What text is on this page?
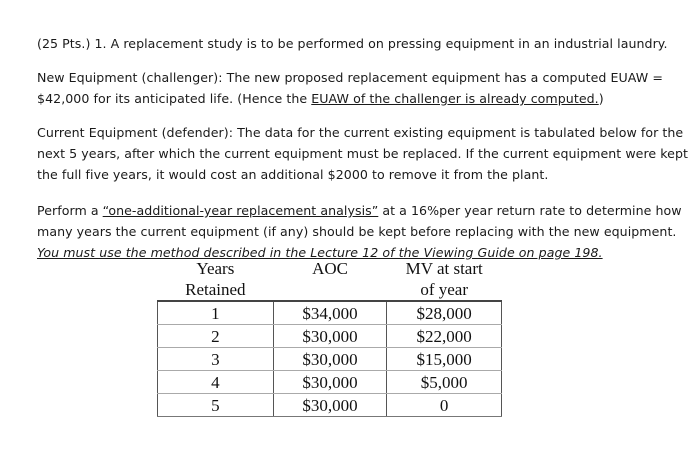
(25 Pts.) 1. A replacement study is to be performed on pressing equipment in an industrial laundry.
New Equipment (challenger): The new proposed replacement equipment has a computed EUAW =
$42,000 for its anticipated life. (Hence the EUAW of the challenger is already computed.)
Current Equipment (defender): The data for the current existing equipment is tabulated below for the
next 5 years, after which the current equipment must be replaced. If the current equipment were kept
the full five years, it would cost an additional $2000 to remove it from the plant.
Perform a “one-additional-year replacement analysis” at a 16%per year return rate to determine how
many years the current equipment (if any) should be kept before replacing with the new equipment.
You must use the method described in the Lecture 12 of the Viewing Guide on page 198.
Years
Retained	AOC	MV at start
of year

1	$34,000	$28,000
2	$30,000	$22,000
3	$30,000	$15,000
4	$30,000	$5,000
5	$30,000	0
